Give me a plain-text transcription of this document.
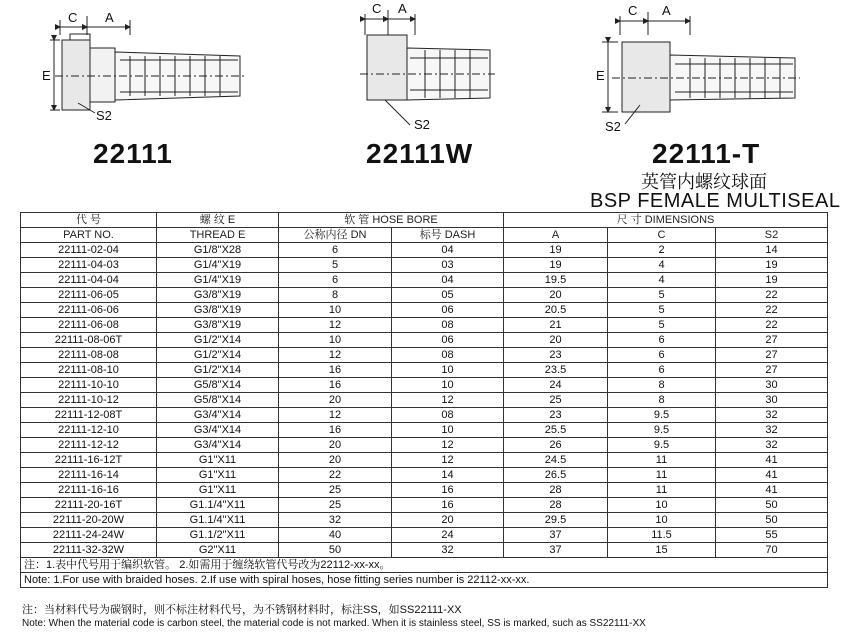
C A
E
S2
C A
S2
C A
E
S2
22111	22111W	22111-T
英管内螺纹球面
BSP FEMALE MULTISEAL
代 号	螺 纹 E	软 管 HOSE BORE		尺 寸 DIMENSIONS		
PART NO.	THREAD E	公称内径 DN	标号 DASH	A	C	S2
22111-02-04	G1/8"X28	6	04	19	2	14
22111-04-03	G1/4"X19	5	03	19	4	19
22111-04-04	G1/4"X19	6	04	19.5	4	19
22111-06-05	G3/8"X19	8	05	20	5	22
22111-06-06	G3/8"X19	10	06	20.5	5	22
22111-06-08	G3/8"X19	12	08	21	5	22
22111-08-06T	G1/2"X14	10	06	20	6	27
22111-08-08	G1/2"X14	12	08	23	6	27
22111-08-10	G1/2"X14	16	10	23.5	6	27
22111-10-10	G5/8"X14	16	10	24	8	30
22111-10-12	G5/8"X14	20	12	25	8	30
22111-12-08T	G3/4"X14	12	08	23	9.5	32
22111-12-10	G3/4"X14	16	10	25.5	9.5	32
22111-12-12	G3/4"X14	20	12	26	9.5	32
22111-16-12T	G1"X11	20	12	24.5	11	41
22111-16-14	G1"X11	22	14	26.5	11	41
22111-16-16	G1"X11	25	16	28	11	41
22111-20-16T	G1.1/4"X11	25	16	28	10	50
22111-20-20W	G1.1/4"X11	32	20	29.5	10	50
22111-24-24W	G1.1/2"X11	40	24	37	11.5	55
22111-32-32W	G2"X11	50	32	37	15	70
注：1.表中代号用于编织软管。 2.如需用于缠绕软管代号改为22112-xx-xx。						
Note: 1.For use with braided hoses. 2.If use with spiral hoses, hose fitting series number is 22112-xx-xx.						
注：当材料代号为碳钢时，则不标注材料代号，为不锈钢材料时，标注SS，如SS22111-XX
Note: When the material code is carbon steel, the material code is not marked. When it is stainless steel, SS is marked, such as SS22111-XX
